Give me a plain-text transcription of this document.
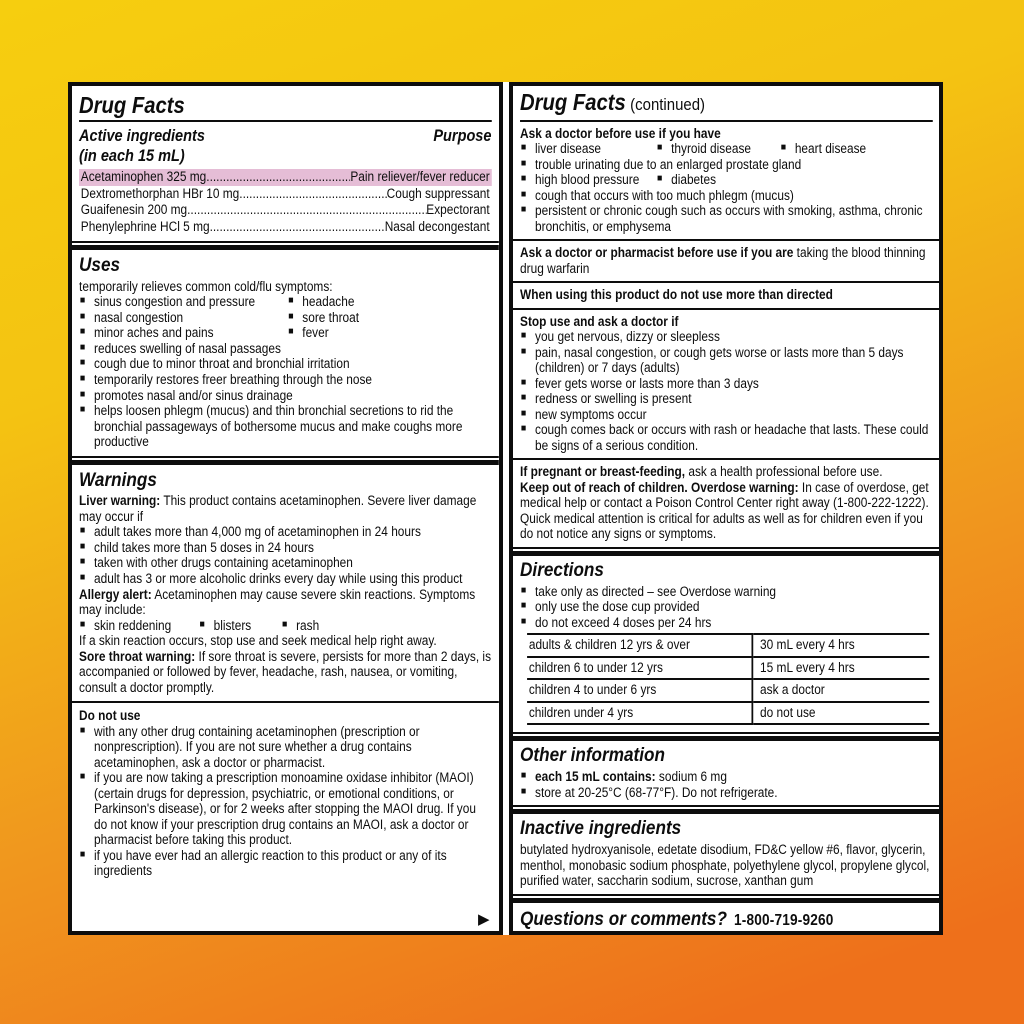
Drug Facts
Active ingredients
(in each 15 mL)
Purpose
Acetaminophen 325 mg .....	Pain reliever/fever reducer
Dextromethorphan HBr 10 mg .....	Cough suppressant
Guaifenesin 200 mg .....	Expectorant
Phenylephrine HCl 5 mg .....	Nasal decongestant
Uses

temporarily relieves common cold/flu symptoms:

■ sinus congestion and pressure	■ headache
■ nasal congestion	■ sore throat
■ minor aches and pains	■ fever
■ reduces swelling of nasal passages
■ cough due to minor throat and bronchial irritation
■ temporarily restores freer breathing through the nose
■ promotes nasal and/or sinus drainage
■ helps loosen phlegm (mucus) and thin bronchial secretions to rid the bronchial passageways of bothersome mucus and make coughs more productive
Warnings

Liver warning: This product contains acetaminophen. Severe liver damage may occur if

■ adult takes more than 4,000 mg of acetaminophen in 24 hours
■ child takes more than 5 doses in 24 hours
■ taken with other drugs containing acetaminophen
■ adult has 3 or more alcoholic drinks every day while using this product

Allergy alert: Acetaminophen may cause severe skin reactions. Symptoms may include:

■ skin reddening	■ blisters	■ rash

If a skin reaction occurs, stop use and seek medical help right away.

Sore throat warning: If sore throat is severe, persists for more than 2 days, is accompanied or followed by fever, headache, rash, nausea, or vomiting, consult a doctor promptly.

Do not use

■ with any other drug containing acetaminophen (prescription or nonprescription). If you are not sure whether a drug contains acetaminophen, ask a doctor or pharmacist.
■ if you are now taking a prescription monoamine oxidase inhibitor (MAOI) (certain drugs for depression, psychiatric, or emotional conditions, or Parkinson's disease), or for 2 weeks after stopping the MAOI drug. If you do not know if your prescription drug contains an MAOI, ask a doctor or pharmacist before taking this product.
■ if you have ever had an allergic reaction to this product or any of its ingredients
▶
Drug Facts (continued)

Ask a doctor before use if you have

■ liver disease	■ thyroid disease	■ heart disease
■ trouble urinating due to an enlarged prostate gland
■ high blood pressure	■ diabetes
■ cough that occurs with too much phlegm (mucus)
■ persistent or chronic cough such as occurs with smoking, asthma, chronic bronchitis, or emphysema

Ask a doctor or pharmacist before use if you are taking the blood thinning drug warfarin

When using this product do not use more than directed

Stop use and ask a doctor if

■ you get nervous, dizzy or sleepless
■ pain, nasal congestion, or cough gets worse or lasts more than 5 days (children) or 7 days (adults)
■ fever gets worse or lasts more than 3 days
■ redness or swelling is present
■ new symptoms occur
■ cough comes back or occurs with rash or headache that lasts. These could be signs of a serious condition.

If pregnant or breast-feeding, ask a health professional before use.

Keep out of reach of children. Overdose warning: In case of overdose, get medical help or contact a Poison Control Center right away (1-800-222-1222). Quick medical attention is critical for adults as well as for children even if you do not notice any signs or symptoms.

Directions
■ take only as directed – see Overdose warning
■ only use the dose cup provided
■ do not exceed 4 doses per 24 hrs
adults & children 12 yrs & over	30 mL every 4 hrs
children 6 to under 12 yrs	15 mL every 4 hrs
children 4 to under 6 yrs	ask a doctor
children under 4 yrs	do not use
Other information
■ each 15 mL contains: sodium 6 mg
■ store at 20-25°C (68-77°F). Do not refrigerate.
Inactive ingredients

butylated hydroxyanisole, edetate disodium, FD&C yellow #6, flavor, glycerin, menthol, monobasic sodium phosphate, polyethylene glycol, propylene glycol, purified water, saccharin sodium, sucrose, xanthan gum

Questions or comments? 1-800-719-9260
